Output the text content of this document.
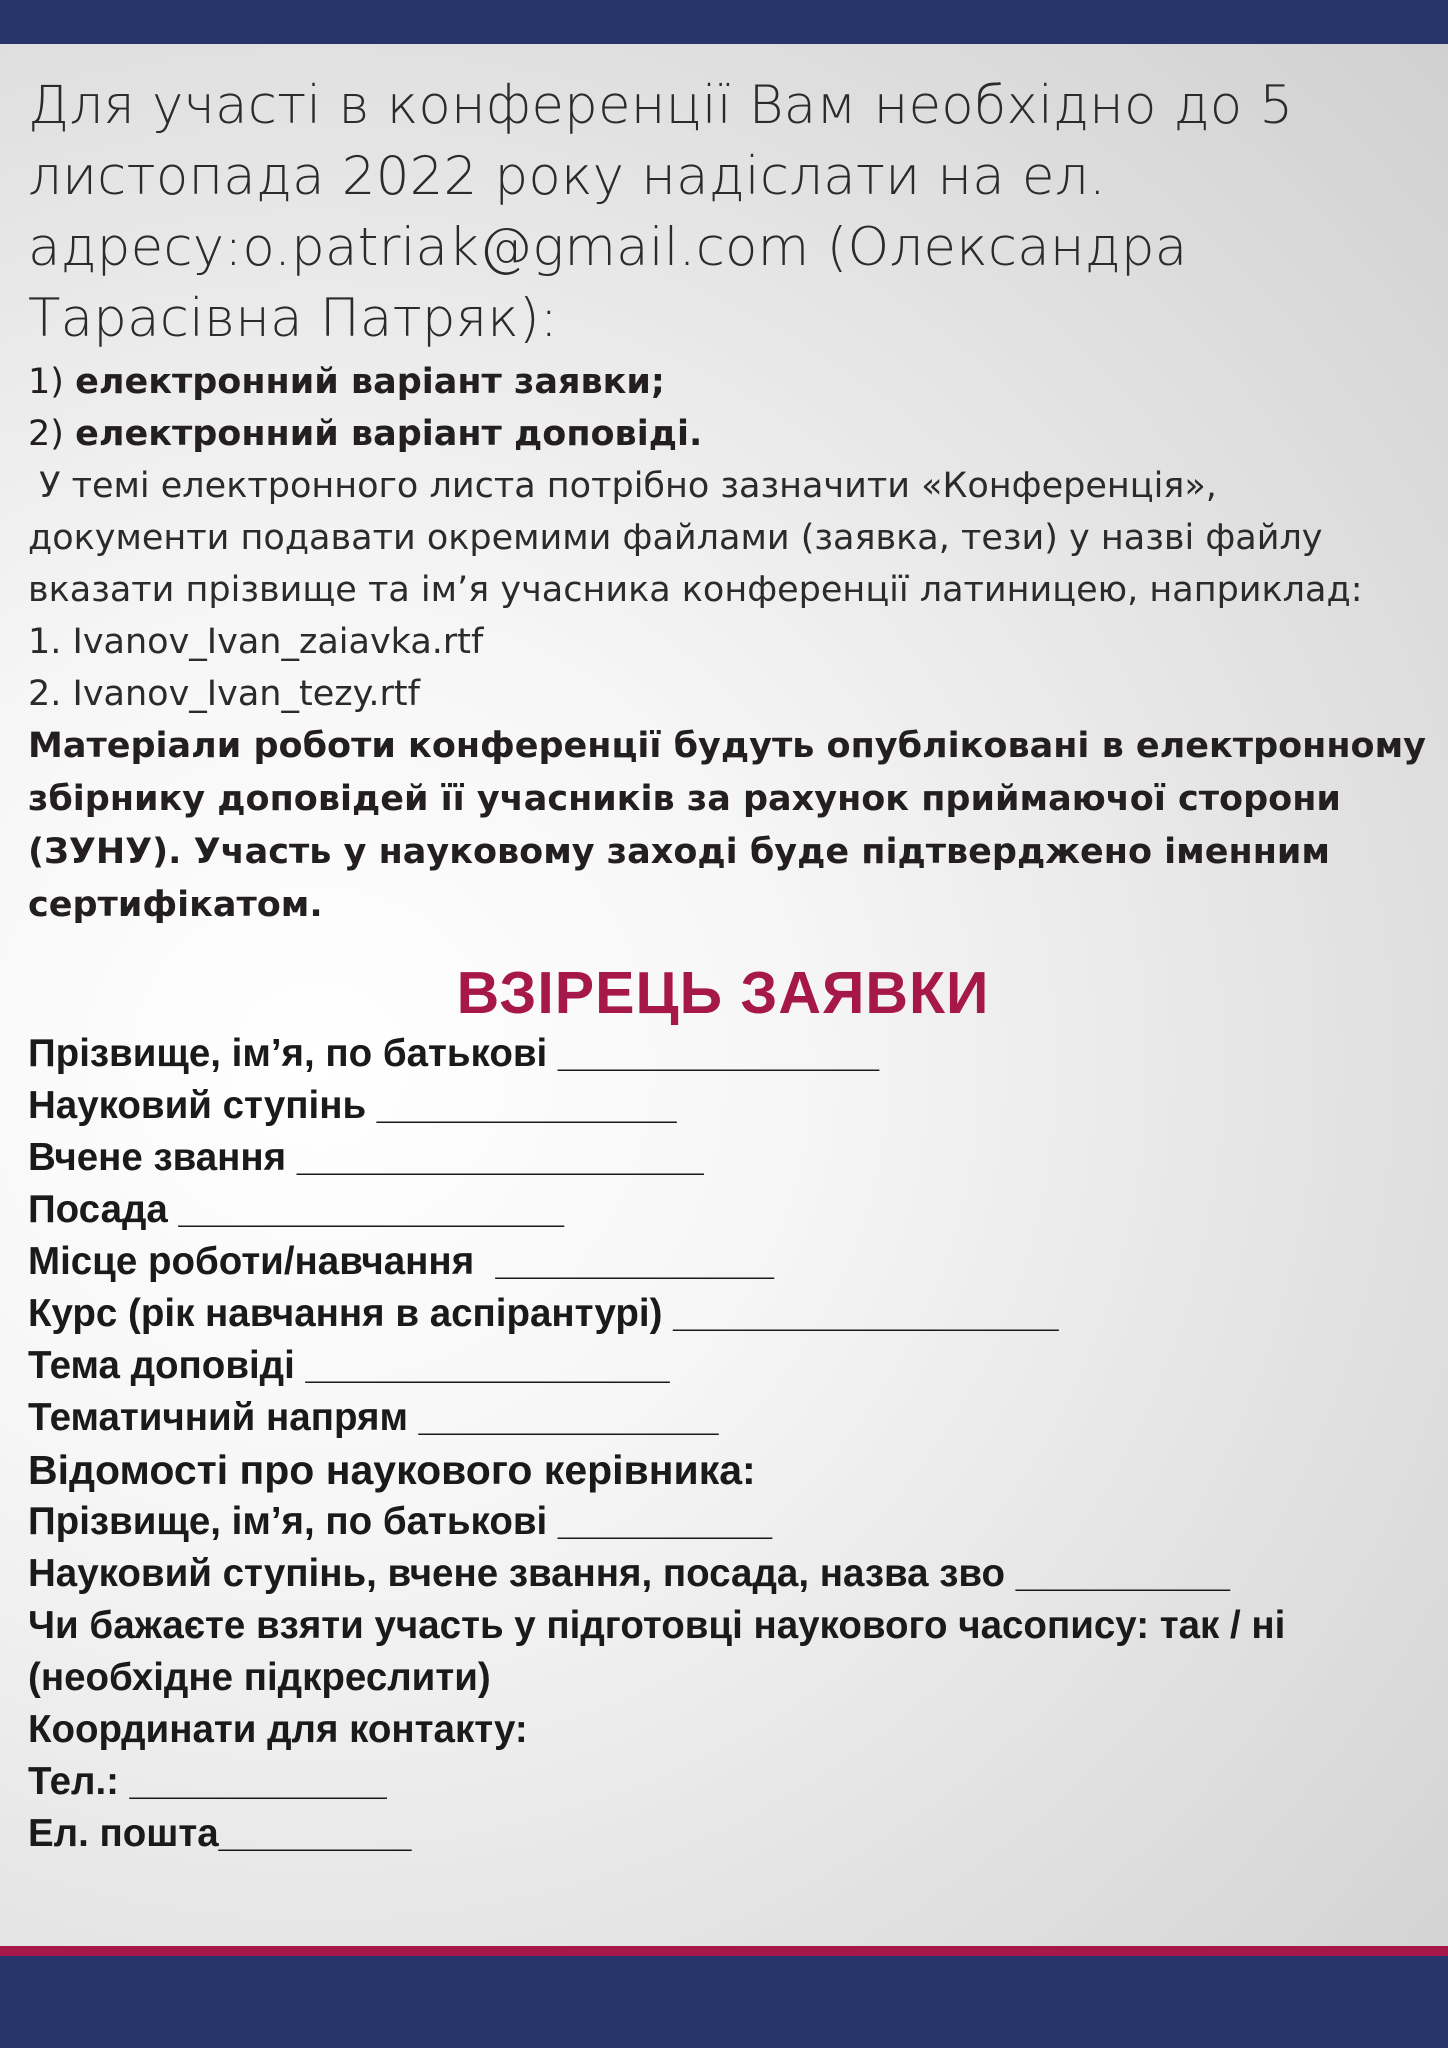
Для участі в конференції Вам необхідно до 5 листопада 2022 року надіслати на ел. адресу:o.patriak@gmail.com (Олександра Тарасівна Патряк):

1) електронний варіант заявки;

2) електронний варіант доповіді.

У темі електронного листа потрібно зазначити «Конференція», документи подавати окремими файлами (заявка, тези) у назві файлу вказати прізвище та ім’я учасника конференції латиницею, наприклад:

1. Ivanov_Ivan_zaiavka.rtf

2. Ivanov_Ivan_tezy.rtf

Матеріали роботи конференції будуть опубліковані в електронному збірнику доповідей її учасників за рахунок приймаючої сторони (ЗУНУ). Участь у науковому заході буде підтверджено іменним сертифікатом.

ВЗІРЕЦЬ ЗАЯВКИ

Прізвище, ім’я, по батькові _______________

Науковий ступінь ______________

Вчене звання ___________________

Посада __________________

Місце роботи/навчання  _____________

Курс (рік навчання в аспірантурі) __________________

Тема доповіді _________________

Тематичний напрям ______________

Відомості про наукового керівника:

Прізвище, ім’я, по батькові __________

Науковий ступінь, вчене звання, посада, назва зво __________

Чи бажаєте взяти участь у підготовці наукового часопису: так / ні (необхідне підкреслити)

Координати для контакту:

Тел.: ____________

Ел. пошта_________
